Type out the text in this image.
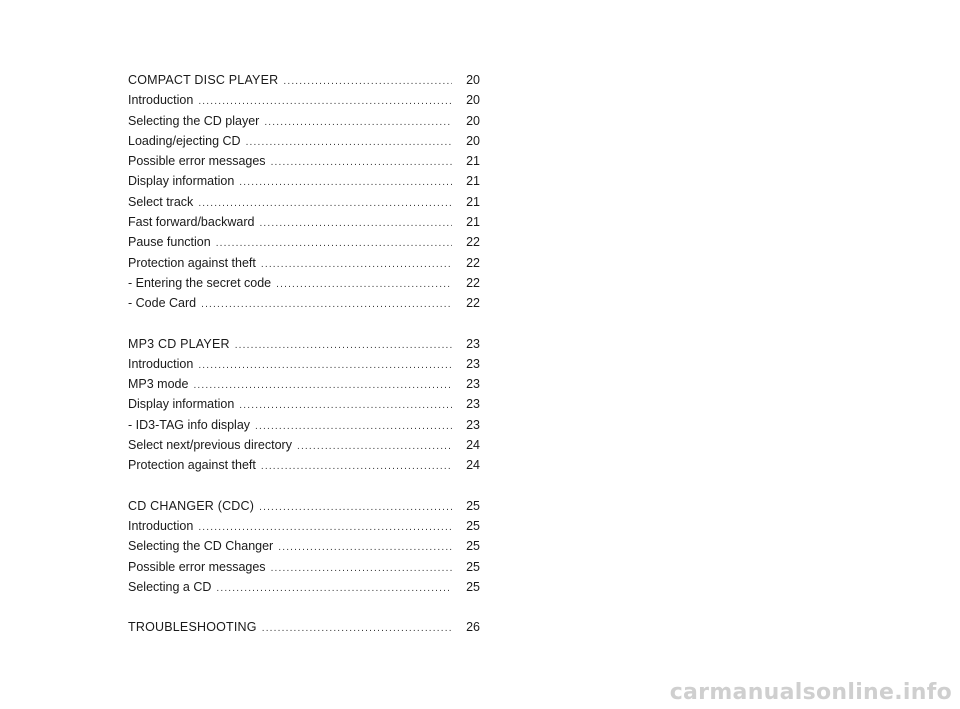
COMPACT DISC PLAYER .....	20
Introduction .....	20
Selecting the CD player .....	20
Loading/ejecting CD .....	20
Possible error messages .....	21
Display information .....	21
Select track .....	21
Fast forward/backward .....	21
Pause function .....	22
Protection against theft .....	22
- Entering the secret code .....	22
- Code Card .....	22
MP3 CD PLAYER .....	23
Introduction .....	23
MP3 mode .....	23
Display information .....	23
- ID3-TAG info display .....	23
Select next/previous directory .....	24
Protection against theft .....	24
CD CHANGER (CDC) .....	25
Introduction .....	25
Selecting the CD Changer .....	25
Possible error messages .....	25
Selecting a CD .....	25
TROUBLESHOOTING .....	26
carmanualsonline.info
